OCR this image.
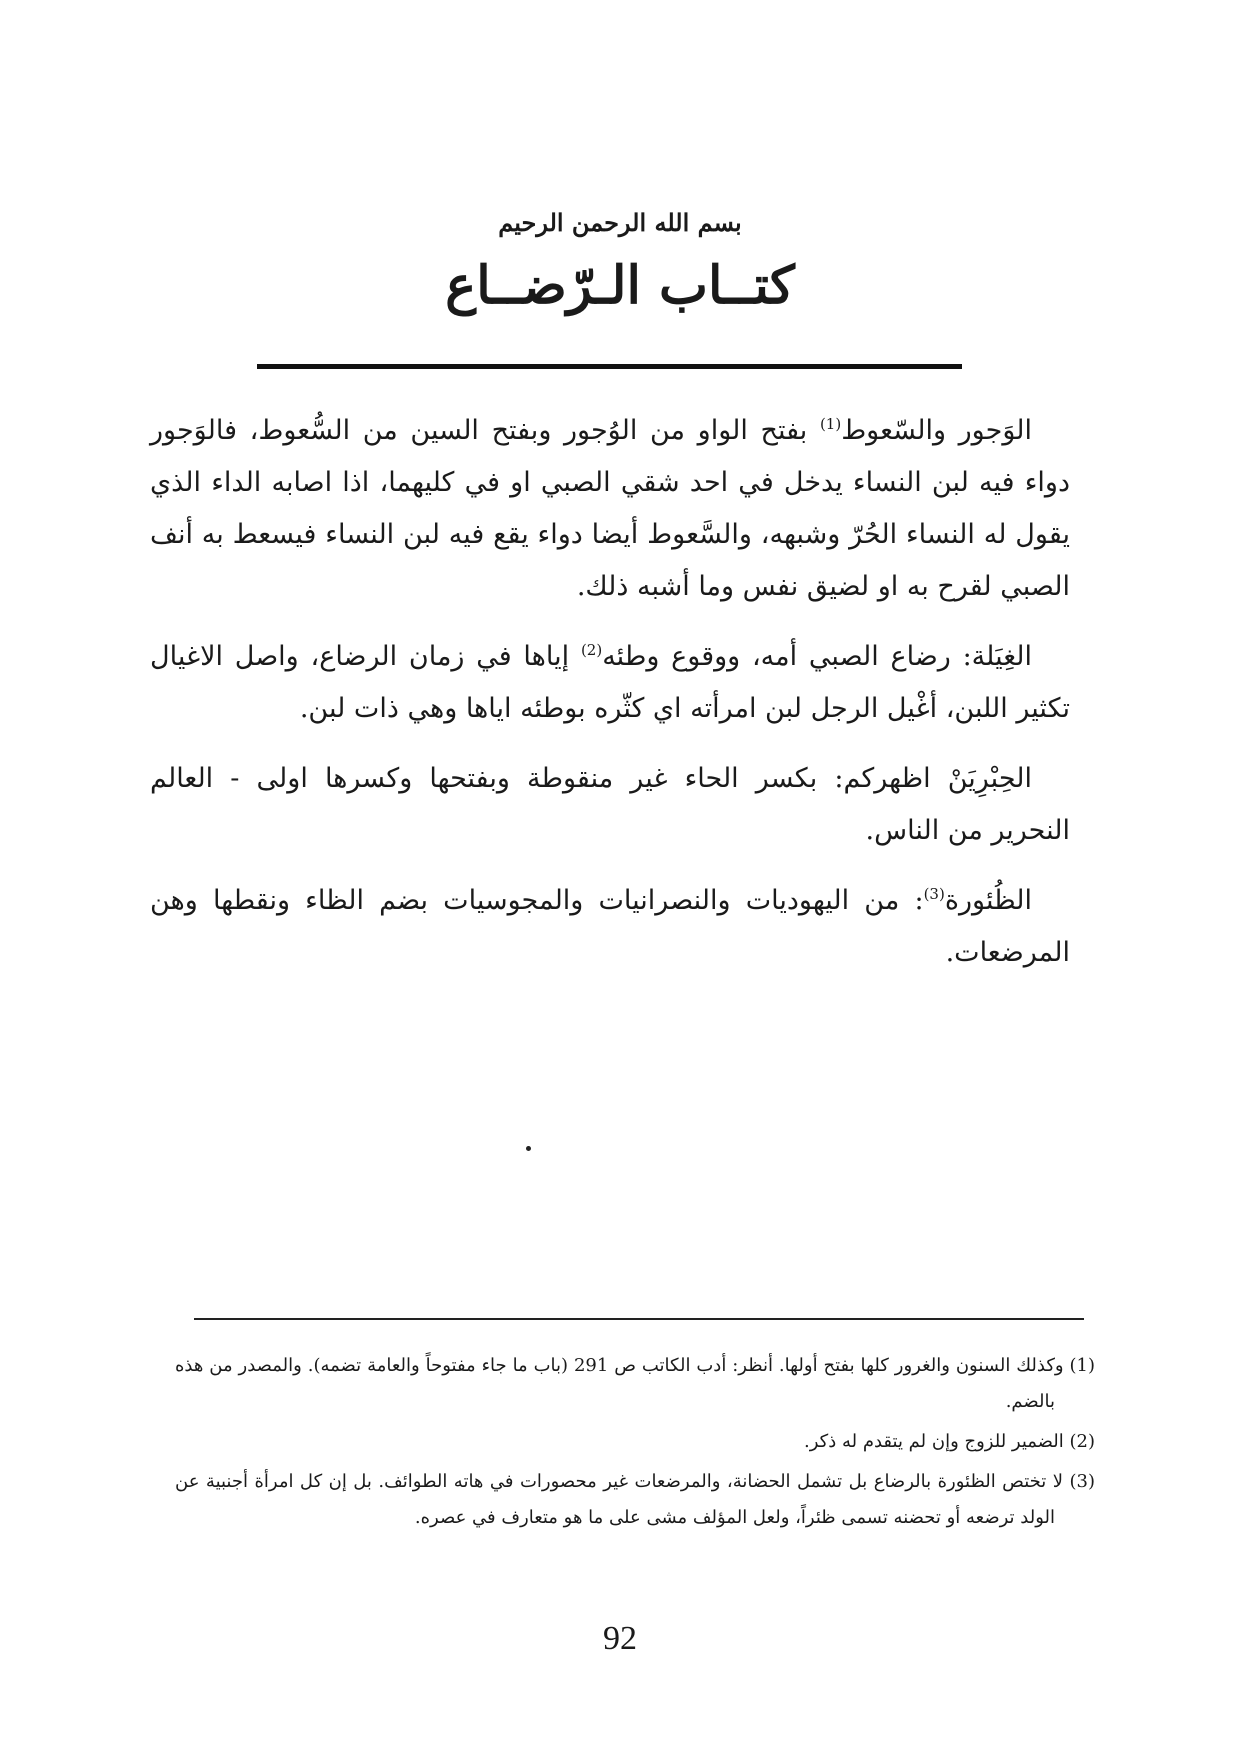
بسم الله الرحمن الرحيم
كتــاب الـرّضــاع

الوَجور والسّعوط$^{(1)}$ بفتح الواو من الوُجور وبفتح السين من السُّعوط، فالوَجور دواء فيه لبن النساء يدخل في احد شقي الصبي او في كليهما، اذا اصابه الداء الذي يقول له النساء الحُرّ وشبهه، والسَّعوط أيضا دواء يقع فيه لبن النساء فيسعط به أنف الصبي لقرح به او لضيق نفس وما أشبه ذلك.

الغِيَلة: رضاع الصبي أمه، ووقوع وطئه$^{(2)}$ إياها في زمان الرضاع، واصل الاغيال تكثير اللبن، أغْيل الرجل لبن امرأته اي كثّره بوطئه اياها وهي ذات لبن.

الحِبْرِيَنْ اظهركم: بكسر الحاء غير منقوطة وبفتحها وكسرها اولى - العالم النحرير من الناس.

الظُئورة$^{(3)}$: من اليهوديات والنصرانيات والمجوسيات بضم الظاء ونقطها وهن المرضعات.

(1) وكذلك السنون والغرور كلها بفتح أولها. أنظر: أدب الكاتب ص 291 (باب ما جاء مفتوحاً والعامة تضمه). والمصدر من هذه بالضم.

(2) الضمير للزوج وإن لم يتقدم له ذكر.

(3) لا تختص الظئورة بالرضاع بل تشمل الحضانة، والمرضعات غير محصورات في هاته الطوائف. بل إن كل امرأة أجنبية عن الولد ترضعه أو تحضنه تسمى ظئراً، ولعل المؤلف مشى على ما هو متعارف في عصره.

92
